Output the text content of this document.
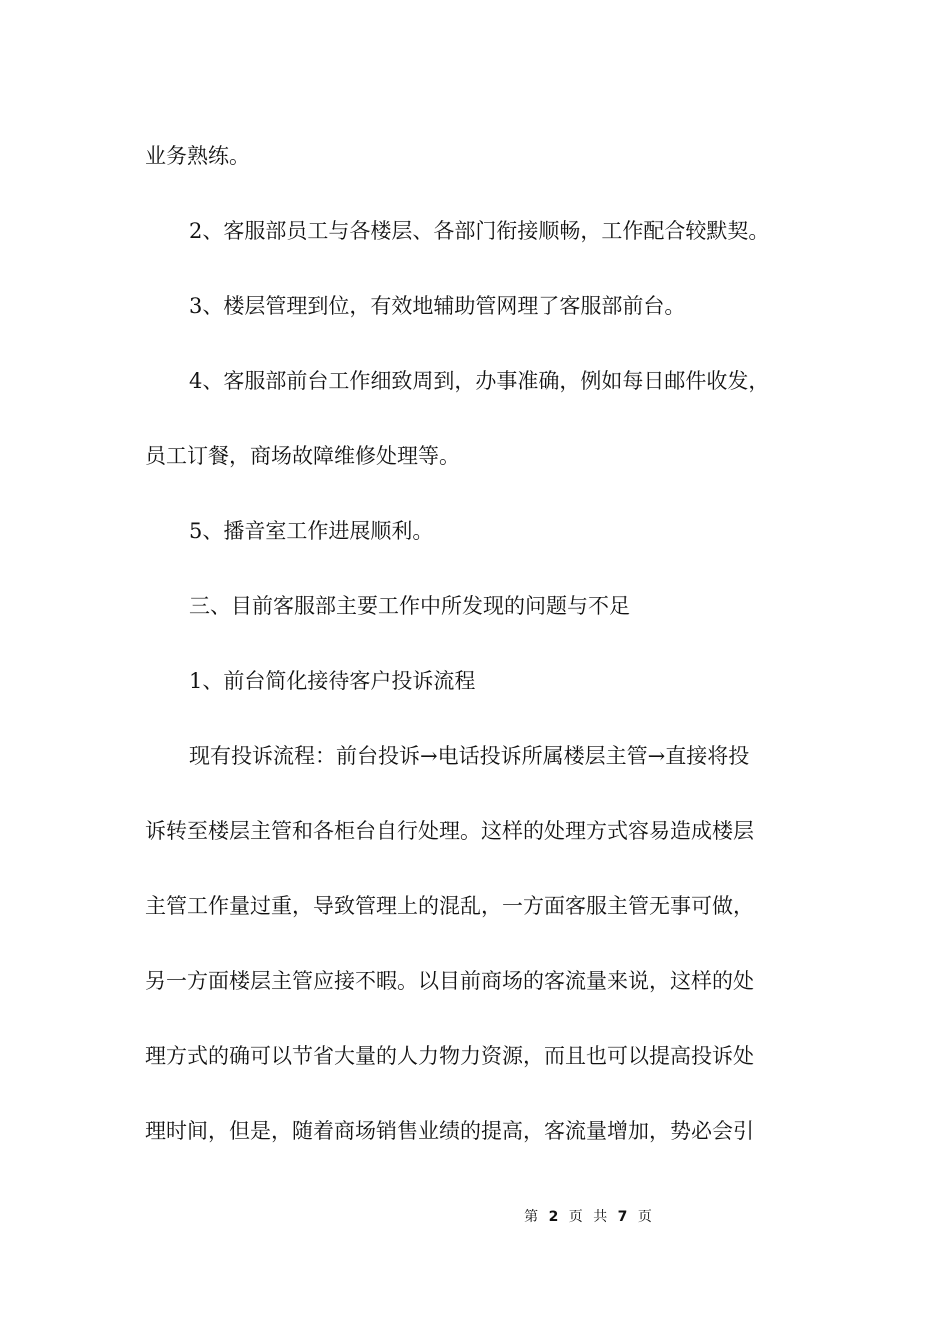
业务熟练。

2、客服部员工与各楼层、各部门衔接顺畅，工作配合较默契。

3、楼层管理到位，有效地辅助管网理了客服部前台。

4、客服部前台工作细致周到，办事准确，例如每日邮件收发，

员工订餐，商场故障维修处理等。

5、播音室工作进展顺利。

三、目前客服部主要工作中所发现的问题与不足

1、前台简化接待客户投诉流程

现有投诉流程：前台投诉→电话投诉所属楼层主管→直接将投

诉转至楼层主管和各柜台自行处理。这样的处理方式容易造成楼层

主管工作量过重，导致管理上的混乱，一方面客服主管无事可做，

另一方面楼层主管应接不暇。以目前商场的客流量来说，这样的处

理方式的确可以节省大量的人力物力资源，而且也可以提高投诉处

理时间，但是，随着商场销售业绩的提高，客流量增加，势必会引

第 2 页 共 7 页
